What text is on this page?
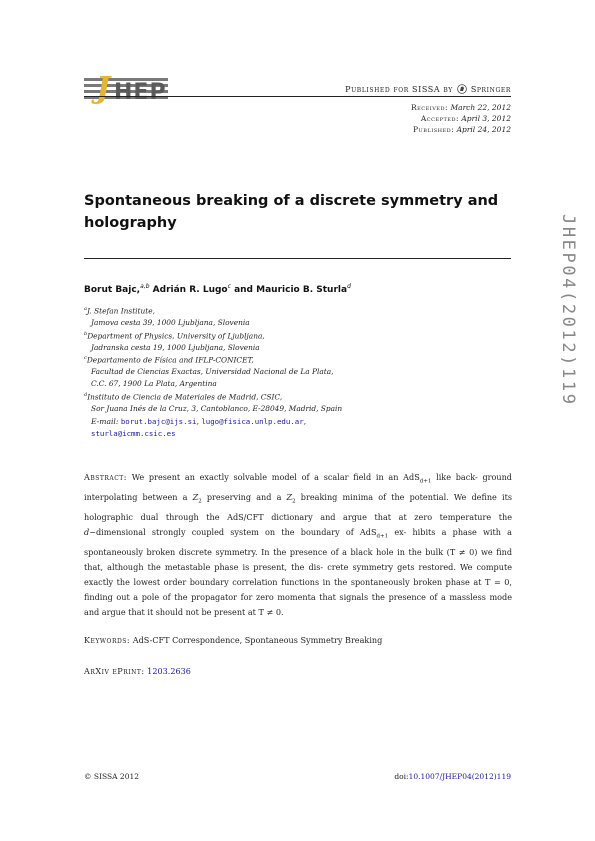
J HEP	Published for SISSA by Springer
Received: March 22, 2012
Accepted: April 3, 2012
Published: April 24, 2012
Spontaneous breaking of a discrete symmetry and holography
Borut Bajc,$^{a,b}$ Adrián R. Lugo$^c$ and Mauricio B. Sturla$^d$
$^a$J. Stefan Institute,
Jamova cesta 39, 1000 Ljubljana, Slovenia
$^b$Department of Physics, University of Ljubljana,
Jadranska cesta 19, 1000 Ljubljana, Slovenia
$^c$Departamento de Física and IFLP-CONICET,
Facultad de Ciencias Exactas, Universidad Nacional de La Plata,
C.C. 67, 1900 La Plata, Argentina
$^d$Instituto de Ciencia de Materiales de Madrid, CSIC,
Sor Juana Inés de la Cruz, 3, Cantoblanco, E-28049, Madrid, Spain
E-mail: borut.bajc@ijs.si, lugo@fisica.unlp.edu.ar,
sturla@icmm.csic.es
Abstract: We present an exactly solvable model of a scalar field in an AdS$_{d+1}$ like back- ground interpolating between a $Z_2$ preserving and a $Z_2$ breaking minima of the potential. We define its holographic dual through the AdS/CFT dictionary and argue that at zero temperature the d−dimensional strongly coupled system on the boundary of AdS$_{d+1}$ ex- hibits a phase with a spontaneously broken discrete symmetry. In the presence of a black hole in the bulk (T ≠ 0) we find that, although the metastable phase is present, the dis- crete symmetry gets restored. We compute exactly the lowest order boundary correlation functions in the spontaneously broken phase at T = 0, finding out a pole of the propagator for zero momenta that signals the presence of a massless mode and argue that it should not be present at T ≠ 0.
Keywords: AdS-CFT Correspondence, Spontaneous Symmetry Breaking
ArXiv ePrint: 1203.2636
© SISSA 2012	doi:10.1007/JHEP04(2012)119
JHEP04(2012)119
